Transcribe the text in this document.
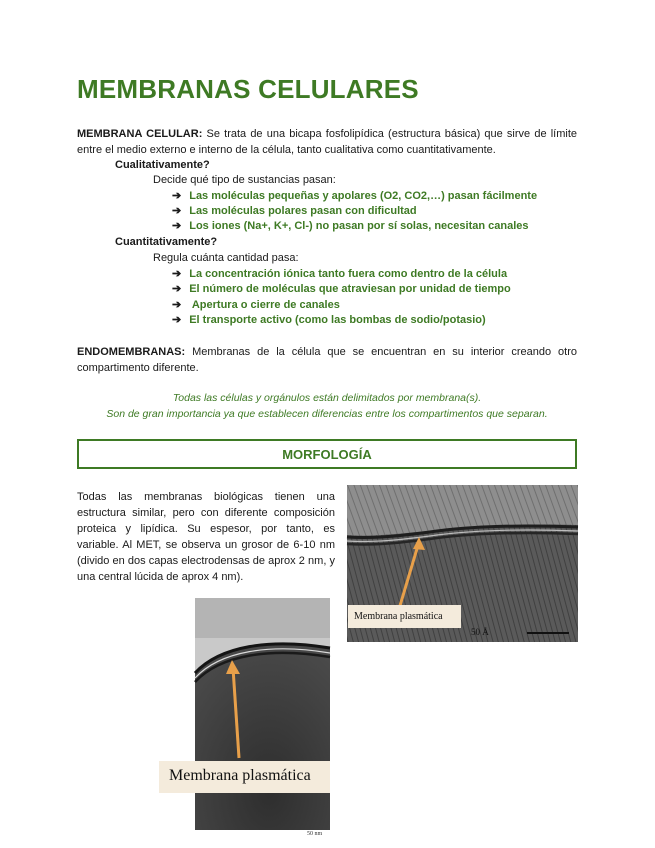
MEMBRANAS CELULARES

MEMBRANA CELULAR: Se trata de una bicapa fosfolipídica (estructura básica) que sirve de límite entre el medio externo e interno de la célula, tanto cualitativa como cuantitativamente.

Cualitativamente?

Decide qué tipo de sustancias pasan:

➔ Las moléculas pequeñas y apolares (O2, CO2,…) pasan fácilmente

➔ Las moléculas polares pasan con dificultad

➔ Los iones (Na+, K+, Cl-) no pasan por sí solas, necesitan canales

Cuantitativamente?

Regula cuánta cantidad pasa:

➔ La concentración iónica tanto fuera como dentro de la célula

➔ El número de moléculas que atraviesan por unidad de tiempo

➔ Apertura o cierre de canales

➔ El transporte activo (como las bombas de sodio/potasio)

ENDOMEMBRANAS: Membranas de la célula que se encuentran en su interior creando otro compartimento diferente.

Todas las células y orgánulos están delimitados por membrana(s).

Son de gran importancia ya que establecen diferencias entre los compartimentos que separan.

MORFOLOGÍA

Todas las membranas biológicas tienen una estructura similar, pero con diferente composición proteica y lipídica. Su espesor, por tanto, es variable. Al MET, se observa un grosor de 6-10 nm (divido en dos capas electrodensas de aprox 2 nm, y una central lúcida de aprox 4 nm).

Membrana plasmática
50 Å
Membrana plasmática
50 nm
